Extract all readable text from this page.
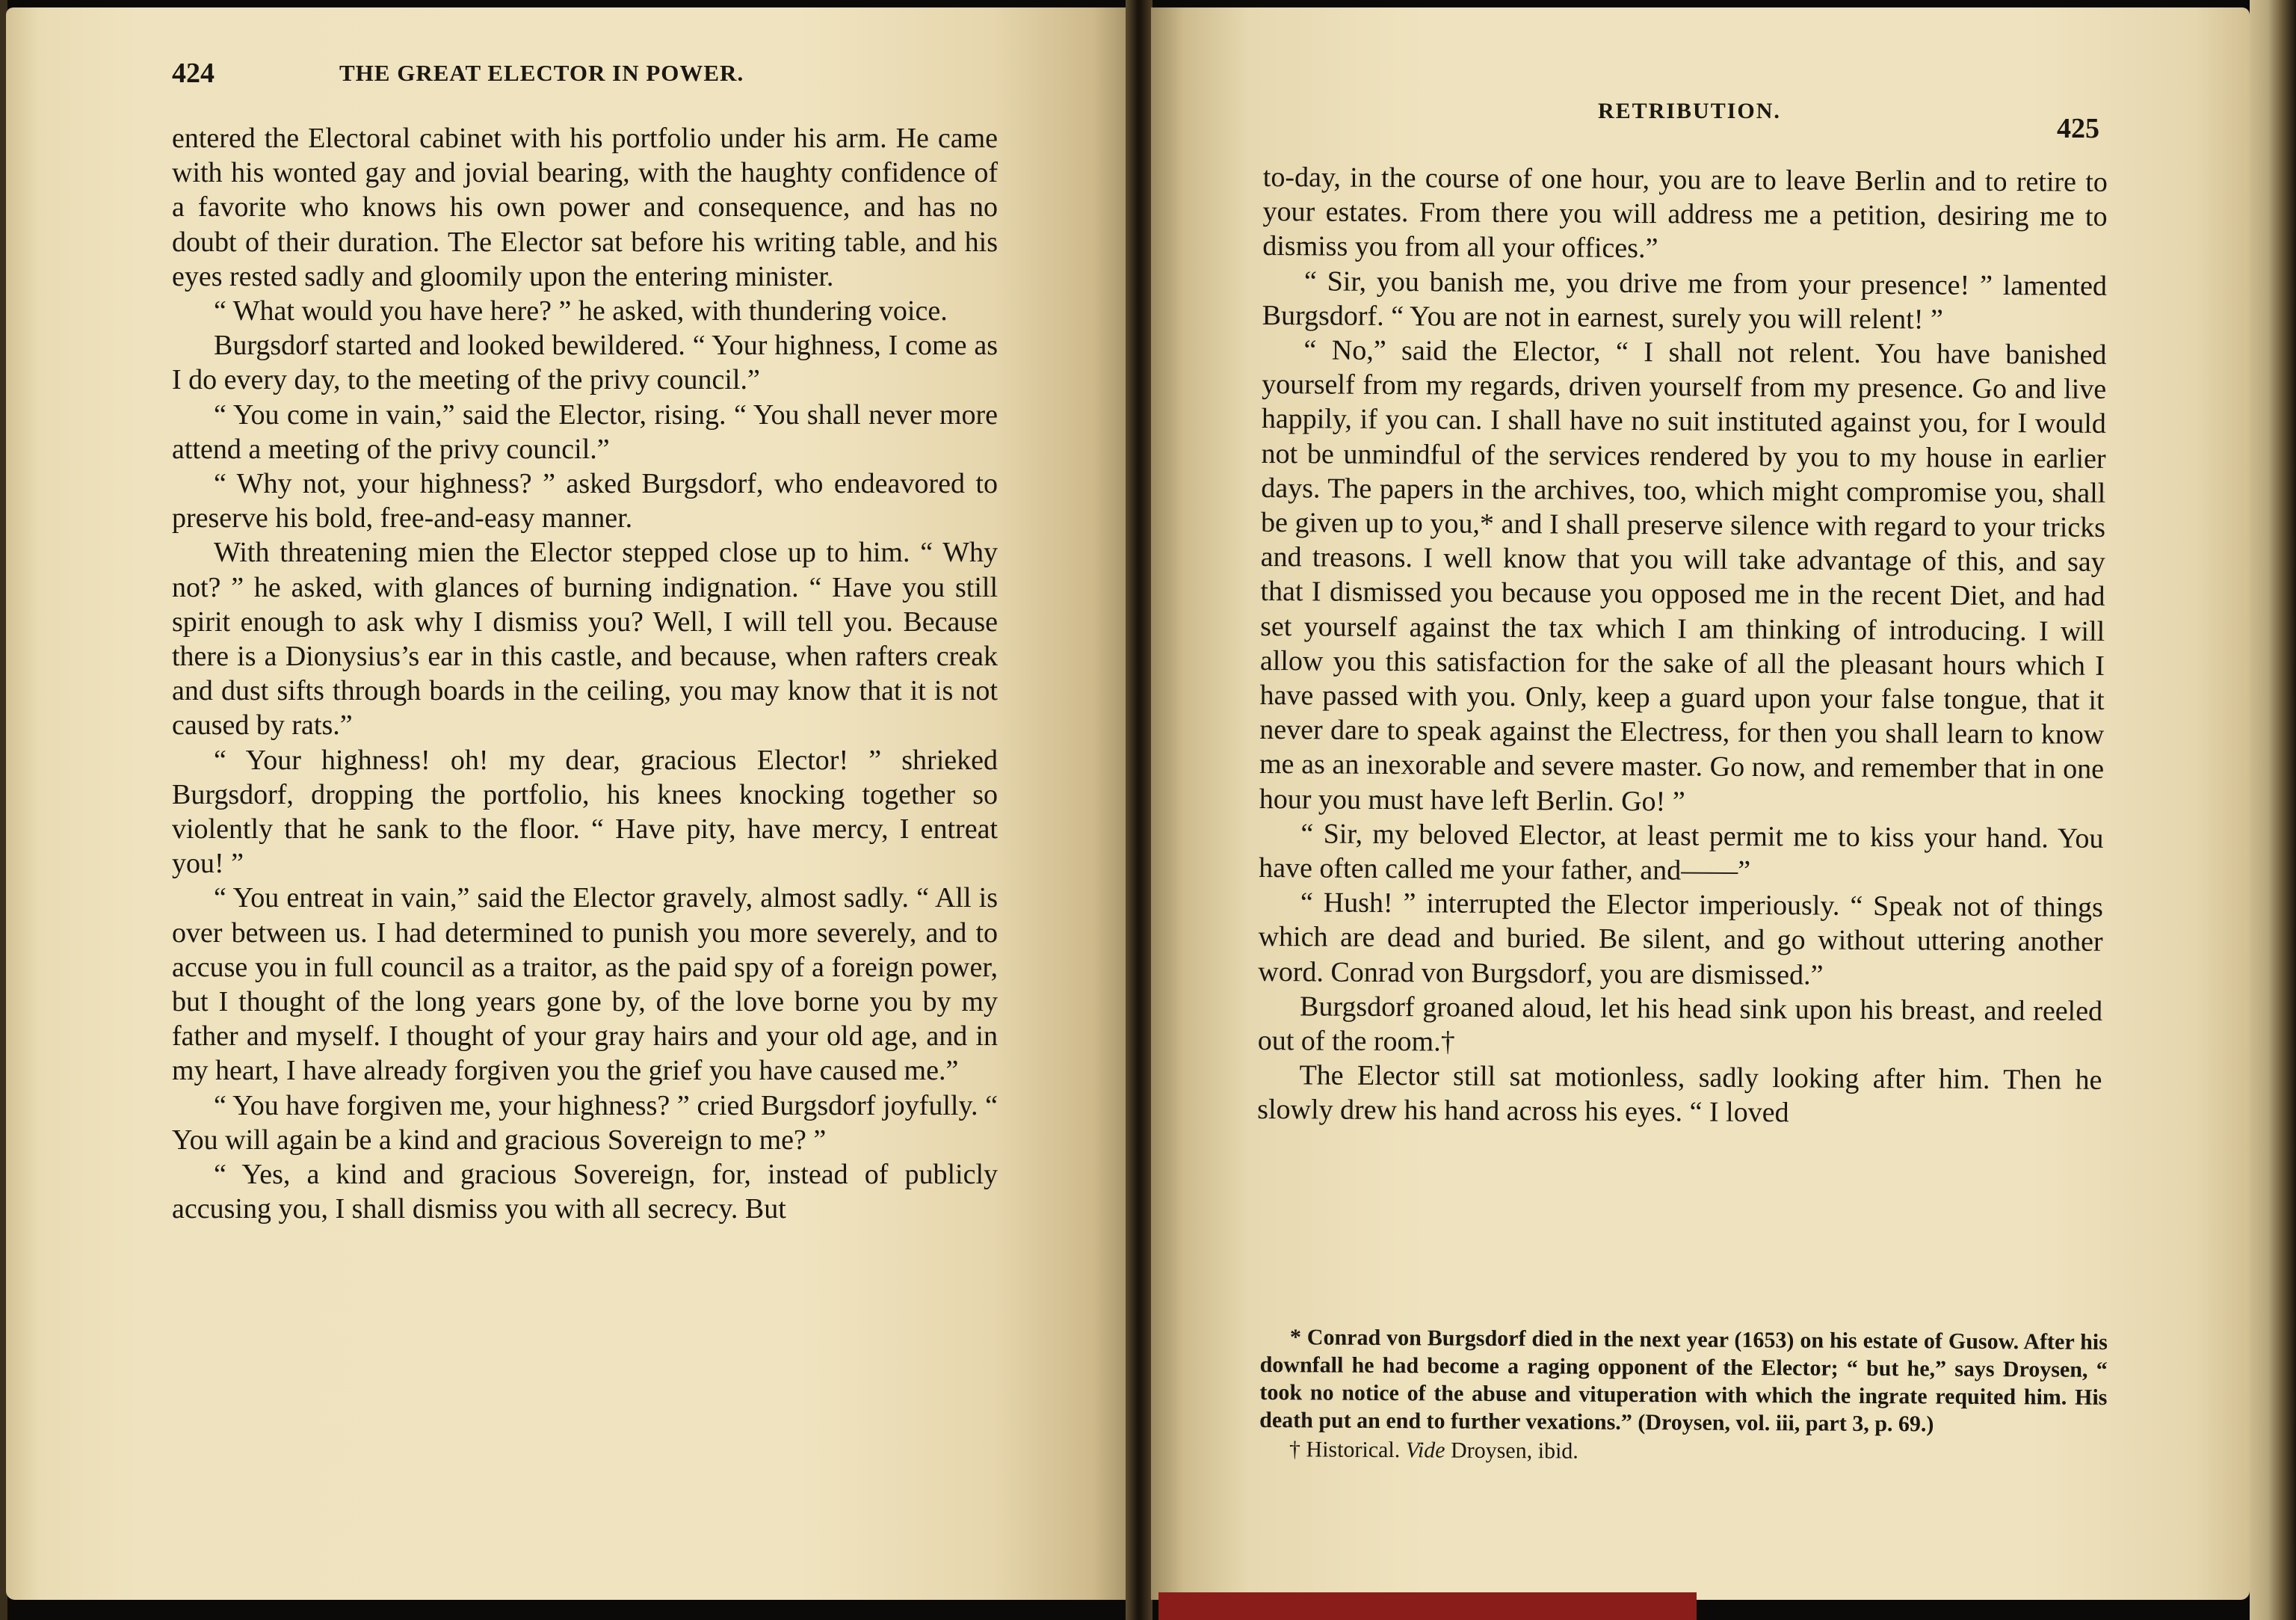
424	THE GREAT ELECTOR IN POWER.

entered the Electoral cabinet with his portfolio under his arm. He came with his wonted gay and jovial bearing, with the haughty confidence of a favorite who knows his own power and consequence, and has no doubt of their duration. The Elector sat before his writing table, and his eyes rested sadly and gloomily upon the entering minister.

“ What would you have here? ” he asked, with thundering voice.

Burgsdorf started and looked bewildered. “ Your highness, I come as I do every day, to the meeting of the privy council.”

“ You come in vain,” said the Elector, rising. “ You shall never more attend a meeting of the privy council.”

“ Why not, your highness? ” asked Burgsdorf, who endeavored to preserve his bold, free-and-easy manner.

With threatening mien the Elector stepped close up to him. “ Why not? ” he asked, with glances of burning indignation. “ Have you still spirit enough to ask why I dismiss you? Well, I will tell you. Because there is a Dionysius’s ear in this castle, and because, when rafters creak and dust sifts through boards in the ceiling, you may know that it is not caused by rats.”

“ Your highness! oh! my dear, gracious Elector! ” shrieked Burgsdorf, dropping the portfolio, his knees knocking together so violently that he sank to the floor. “ Have pity, have mercy, I entreat you! ”

“ You entreat in vain,” said the Elector gravely, almost sadly. “ All is over between us. I had determined to punish you more severely, and to accuse you in full council as a traitor, as the paid spy of a foreign power, but I thought of the long years gone by, of the love borne you by my father and myself. I thought of your gray hairs and your old age, and in my heart, I have already forgiven you the grief you have caused me.”

“ You have forgiven me, your highness? ” cried Burgsdorf joyfully. “ You will again be a kind and gracious Sovereign to me? ”

“ Yes, a kind and gracious Sovereign, for, instead of publicly accusing you, I shall dismiss you with all secrecy. But

RETRIBUTION.
425

to-day, in the course of one hour, you are to leave Berlin and to retire to your estates. From there you will address me a petition, desiring me to dismiss you from all your offices.”

“ Sir, you banish me, you drive me from your presence! ” lamented Burgsdorf. “ You are not in earnest, surely you will relent! ”

“ No,” said the Elector, “ I shall not relent. You have banished yourself from my regards, driven yourself from my presence. Go and live happily, if you can. I shall have no suit instituted against you, for I would not be unmindful of the services rendered by you to my house in earlier days. The papers in the archives, too, which might compromise you, shall be given up to you,* and I shall preserve silence with regard to your tricks and treasons. I well know that you will take advantage of this, and say that I dismissed you because you opposed me in the recent Diet, and had set yourself against the tax which I am thinking of introducing. I will allow you this satisfaction for the sake of all the pleasant hours which I have passed with you. Only, keep a guard upon your false tongue, that it never dare to speak against the Electress, for then you shall learn to know me as an inexorable and severe master. Go now, and remember that in one hour you must have left Berlin. Go! ”

“ Sir, my beloved Elector, at least permit me to kiss your hand. You have often called me your father, and——”

“ Hush! ” interrupted the Elector imperiously. “ Speak not of things which are dead and buried. Be silent, and go without uttering another word. Conrad von Burgsdorf, you are dismissed.”

Burgsdorf groaned aloud, let his head sink upon his breast, and reeled out of the room.†

The Elector still sat motionless, sadly looking after him. Then he slowly drew his hand across his eyes. “ I loved

* Conrad von Burgsdorf died in the next year (1653) on his estate of Gusow. After his downfall he had become a raging opponent of the Elector; “ but he,” says Droysen, “ took no notice of the abuse and vituperation with which the ingrate requited him. His death put an end to further vexations.” (Droysen, vol. iii, part 3, p. 69.)

† Historical. Vide Droysen, ibid.
